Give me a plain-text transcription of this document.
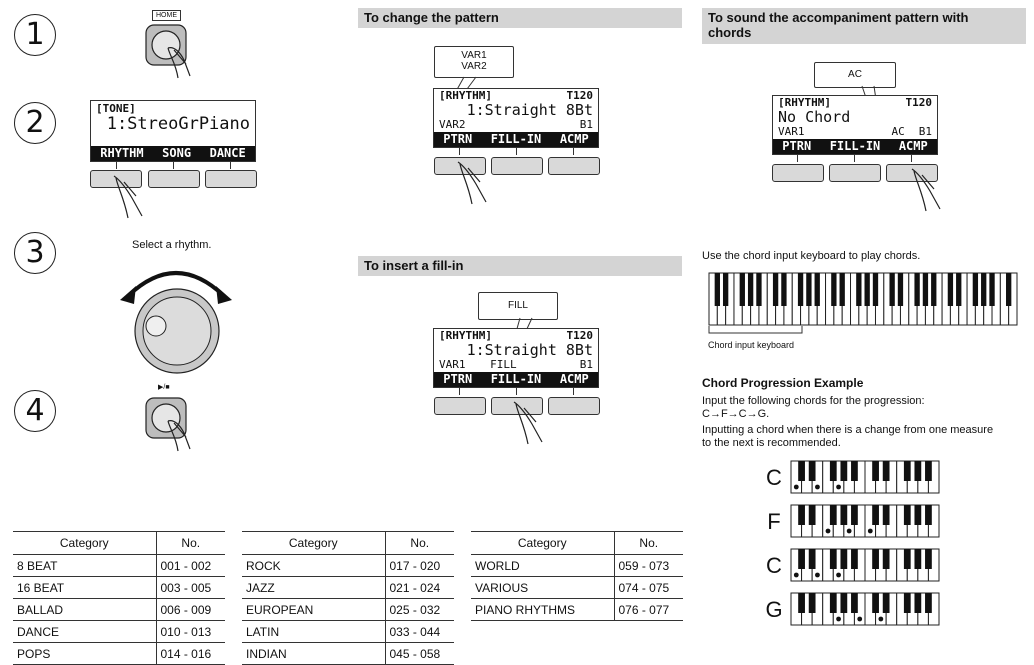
1
2
3
4
HOME
[TONE]
1:StreoGrPiano
RHYTHM SONG DANCE
Select a rhythm.
▶/■
To change the pattern
VAR1
VAR2
[RHYTHM]	T120
1:Straight 8Bt
VAR2	B1
PTRN FILL-IN ACMP
To insert a fill-in
FILL
[RHYTHM]	T120
1:Straight 8Bt
VAR1 FILL	B1
PTRN FILL-IN ACMP
To sound the accompaniment pattern with
chords
AC
[RHYTHM]	T120
No Chord
VAR1	B1
AC
PTRN FILL-IN ACMP
Use the chord input keyboard to play chords.
Chord input keyboard
Chord Progression Example
Input the following chords for the progression:
C→F→C→G.
Inputting a chord when there is a change from one measure
to the next is recommended.
C
F
C
G
Category	No.
8 BEAT	001 - 002
16 BEAT	003 - 005
BALLAD	006 - 009
DANCE	010 - 013
POPS	014 - 016
Category	No.
ROCK	017 - 020
JAZZ	021 - 024
EUROPEAN	025 - 032
LATIN	033 - 044
INDIAN	045 - 058
Category	No.
WORLD	059 - 073
VARIOUS	074 - 075
PIANO RHYTHMS	076 - 077
